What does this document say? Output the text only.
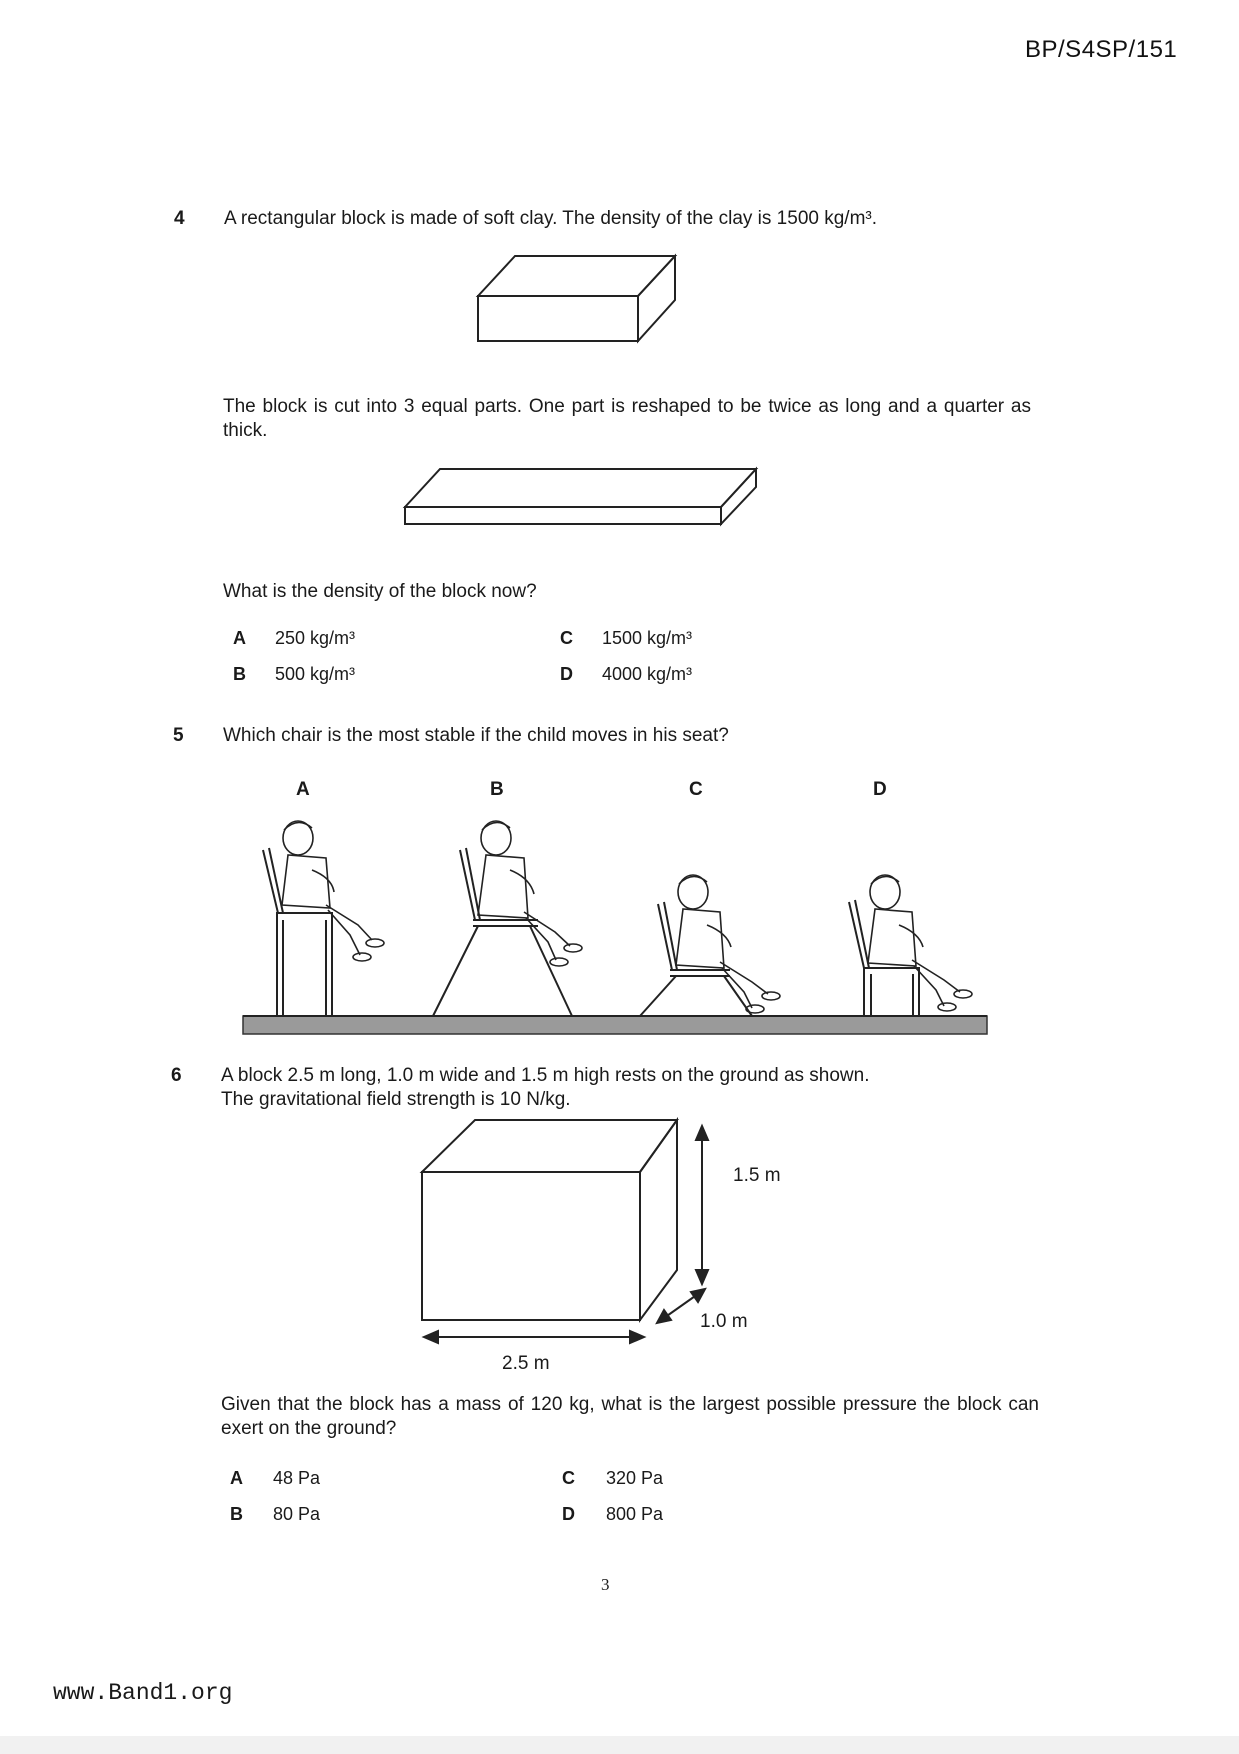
BP/S4SP/151
4	A rectangular block is made of soft clay. The density of the clay is 1500 kg/m³.
The block is cut into 3 equal parts. One part is reshaped to be twice as long and a quarter as thick.
What is the density of the block now?
A 250 kg/m³
B 500 kg/m³
C 1500 kg/m³
D 4000 kg/m³
5	Which chair is the most stable if the child moves in his seat?
A	B	C	D
6	A block 2.5 m long, 1.0 m wide and 1.5 m high rests on the ground as shown.
The gravitational field strength is 10 N/kg.
1.5 m
1.0 m
2.5 m
Given that the block has a mass of 120 kg, what is the largest possible pressure the block can exert on the ground?
A 48 Pa
B 80 Pa
C 320 Pa
D 800 Pa
3
www.Band1.org
